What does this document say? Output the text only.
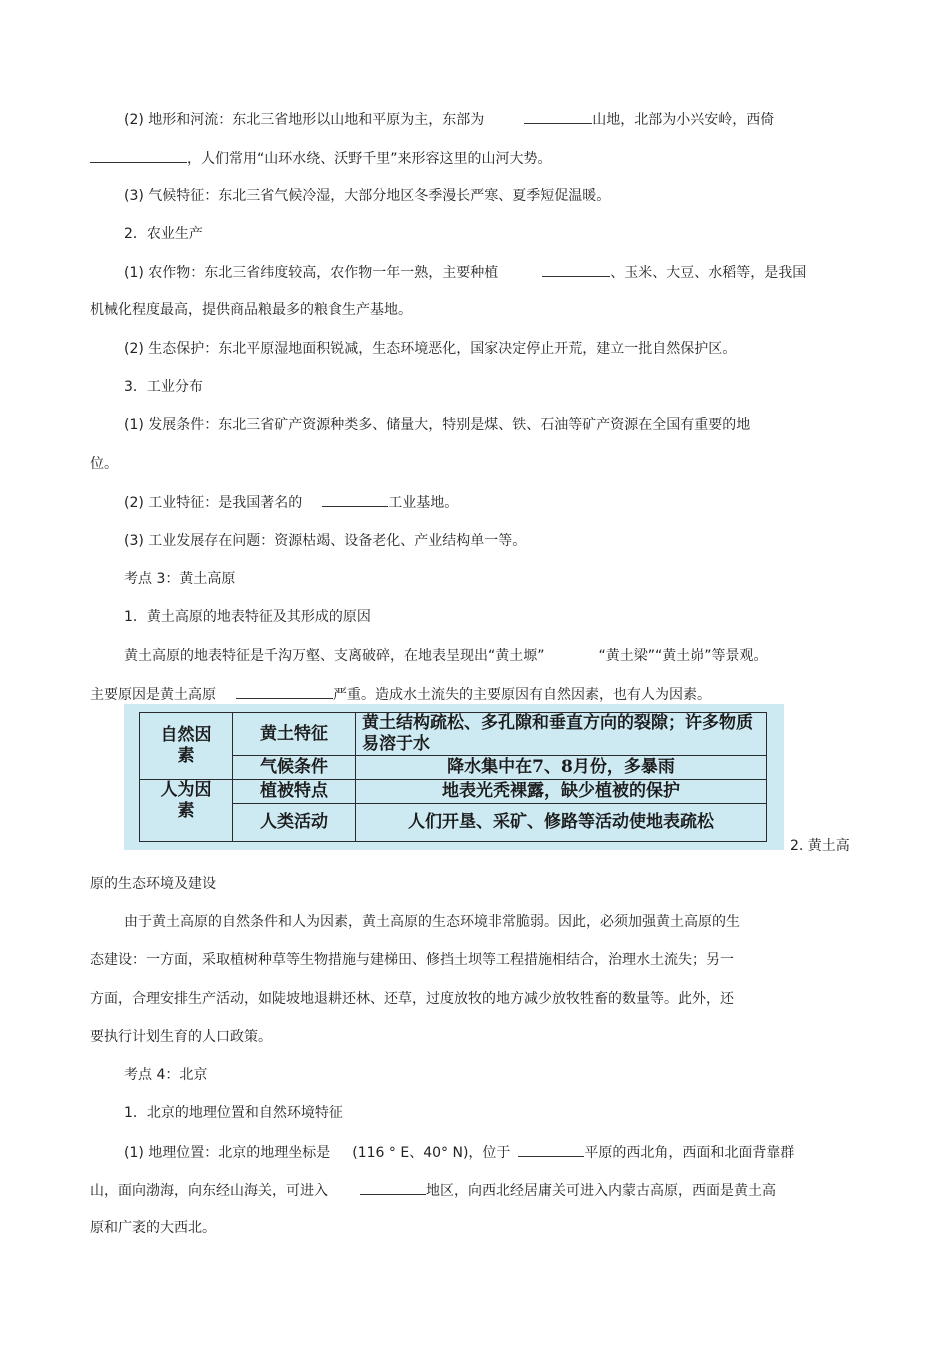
(2) 地形和河流：东北三省地形以山地和平原为主，东部为	山地，北部为小兴安岭，西倚
，人们常用“山环水绕、沃野千里”来形容这里的山河大势。
(3) 气候特征：东北三省气候冷湿，大部分地区冬季漫长严寒、夏季短促温暖。
2．农业生产
(1) 农作物：东北三省纬度较高，农作物一年一熟，主要种植	、玉米、大豆、水稻等，是我国
机械化程度最高，提供商品粮最多的粮食生产基地。
(2) 生态保护：东北平原湿地面积锐减，生态环境恶化，国家决定停止开荒，建立一批自然保护区。
3．工业分布
(1) 发展条件：东北三省矿产资源种类多、储量大，特别是煤、铁、石油等矿产资源在全国有重要的地
位。
(2) 工业特征：是我国著名的	工业基地。
(3) 工业发展存在问题：资源枯竭、设备老化、产业结构单一等。
考点 3：黄土高原
1．黄土高原的地表特征及其形成的原因
黄土高原的地表特征是千沟万壑、支离破碎，在地表呈现出“黄土塬”	“黄土梁”“黄土峁”等景观。
主要原因是黄土高原	严重。造成水土流失的主要原因有自然因素，也有人为因素。
自然因素	黄土特征	黄土结构疏松、多孔隙和垂直方向的裂隙；许多物质易溶于水
	气候条件	降水集中在7、8月份，多暴雨
人为因素	植被特点	地表光秃裸露，缺少植被的保护
	人类活动	人们开垦、采矿、修路等活动使地表疏松
2. 黄土高
原的生态环境及建设
由于黄土高原的自然条件和人为因素，黄土高原的生态环境非常脆弱。因此，必须加强黄土高原的生
态建设：一方面，采取植树种草等生物措施与建梯田、修挡土坝等工程措施相结合，治理水土流失；另一
方面，合理安排生产活动，如陡坡地退耕还林、还草，过度放牧的地方减少放牧牲畜的数量等。此外，还
要执行计划生育的人口政策。
考点 4：北京
1．北京的地理位置和自然环境特征
(1) 地理位置：北京的地理坐标是 (116 ° E、40° N)，位于	平原的西北角，西面和北面背靠群
山，面向渤海，向东经山海关，可进入	地区，向西北经居庸关可进入内蒙古高原，西面是黄土高
原和广袤的大西北。
